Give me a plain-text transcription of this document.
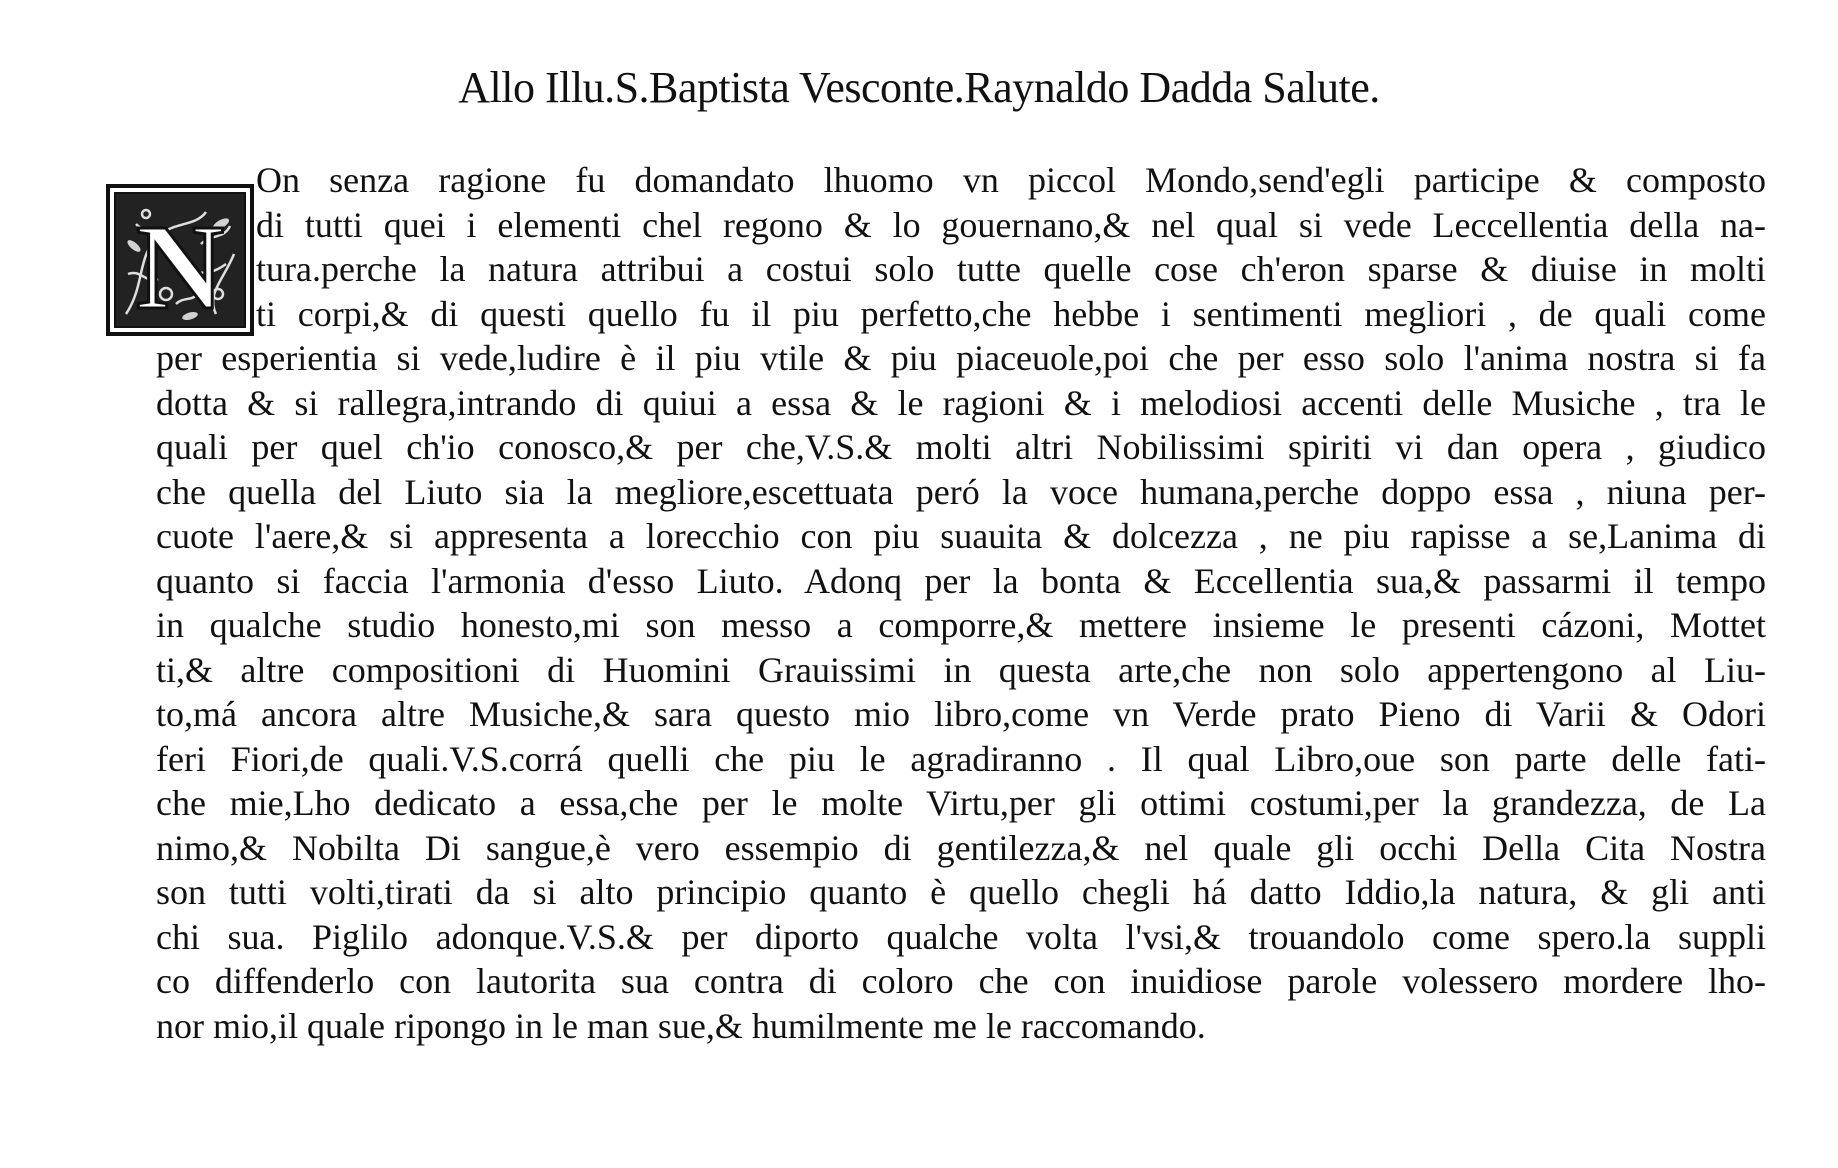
Allo Illu.S.Baptista Vesconte.Raynaldo Dadda Salute.
N
On senza ragione fu domandato lhuomo vn piccol Mondo,send'egli participe & composto
di tutti quei i elementi chel regono & lo gouernano,& nel qual si vede Leccellentia della na-
tura.perche la natura attribui a costui solo tutte quelle cose ch'eron sparse & diuise in molti
ti corpi,& di questi quello fu il piu perfetto,che hebbe i sentimenti megliori , de quali come
per esperientia si vede,ludire è il piu vtile & piu piaceuole,poi che per esso solo l'anima nostra si fa
dotta & si rallegra,intrando di quiui a essa & le ragioni & i melodiosi accenti delle Musiche , tra le
quali per quel ch'io conosco,& per che,V.S.& molti altri Nobilissimi spiriti vi dan opera , giudico
che quella del Liuto sia la megliore,escettuata peró la voce humana,perche doppo essa , niuna per-
cuote l'aere,& si appresenta a lorecchio con piu suauita & dolcezza , ne piu rapisse a se,Lanima di
quanto si faccia l'armonia d'esso Liuto. Adonq per la bonta & Eccellentia sua,& passarmi il tempo
in qualche studio honesto,mi son messo a comporre,& mettere insieme le presenti cázoni, Mottet
ti,& altre compositioni di Huomini Grauissimi in questa arte,che non solo appertengono al Liu-
to,má ancora altre Musiche,& sara questo mio libro,come vn Verde prato Pieno di Varii & Odori
feri Fiori,de quali.V.S.corrá quelli che piu le agradiranno . Il qual Libro,oue son parte delle fati-
che mie,Lho dedicato a essa,che per le molte Virtu,per gli ottimi costumi,per la grandezza, de La
nimo,& Nobilta Di sangue,è vero essempio di gentilezza,& nel quale gli occhi Della Cita Nostra
son tutti volti,tirati da si alto principio quanto è quello chegli há datto Iddio,la natura, & gli anti
chi sua. Piglilo adonque.V.S.& per diporto qualche volta l'vsi,& trouandolo come spero.la suppli
co diffenderlo con lautorita sua contra di coloro che con inuidiose parole volessero mordere lho-
nor mio,il quale ripongo in le man sue,& humilmente me le raccomando.
